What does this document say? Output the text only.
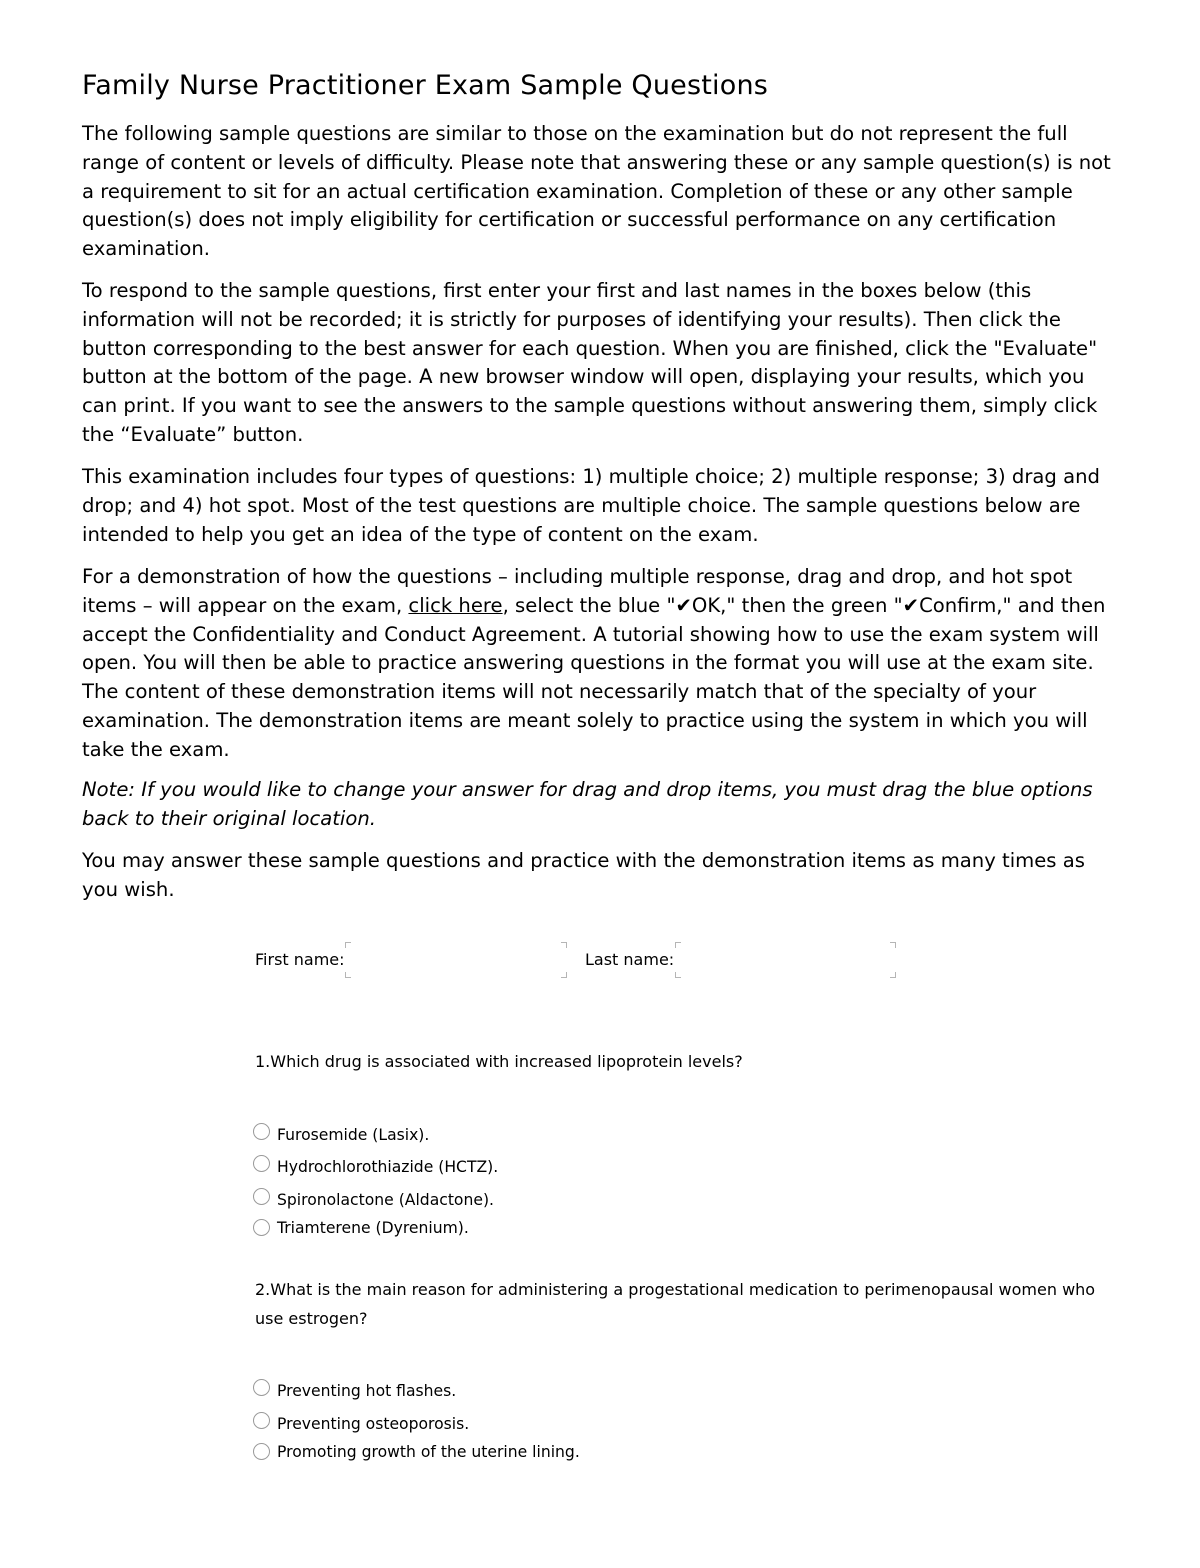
Family Nurse Practitioner Exam Sample Questions

The following sample questions are similar to those on the examination but do not represent the full range of content or levels of difficulty. Please note that answering these or any sample question(s) is not a requirement to sit for an actual certification examination. Completion of these or any other sample question(s) does not imply eligibility for certification or successful performance on any certification examination.

To respond to the sample questions, first enter your first and last names in the boxes below (this information will not be recorded; it is strictly for purposes of identifying your results). Then click the button corresponding to the best answer for each question. When you are finished, click the "Evaluate" button at the bottom of the page. A new browser window will open, displaying your results, which you can print. If you want to see the answers to the sample questions without answering them, simply click the “Evaluate” button.

This examination includes four types of questions: 1) multiple choice; 2) multiple response; 3) drag and drop; and 4) hot spot. Most of the test questions are multiple choice. The sample questions below are intended to help you get an idea of the type of content on the exam.

For a demonstration of how the questions – including multiple response, drag and drop, and hot spot items – will appear on the exam, click here, select the blue "✔OK," then the green "✔Confirm," and then accept the Confidentiality and Conduct Agreement. A tutorial showing how to use the exam system will open. You will then be able to practice answering questions in the format you will use at the exam site. The content of these demonstration items will not necessarily match that of the specialty of your examination. The demonstration items are meant solely to practice using the system in which you will take the exam.

Note: If you would like to change your answer for drag and drop items, you must drag the blue options back to their original location.

You may answer these sample questions and practice with the demonstration items as many times as you wish.

First name:	Last name:

1.Which drug is associated with increased lipoprotein levels?

Furosemide (Lasix).
Hydrochlorothiazide (HCTZ).
Spironolactone (Aldactone).
Triamterene (Dyrenium).

2.What is the main reason for administering a progestational medication to perimenopausal women who use estrogen?

Preventing hot flashes.
Preventing osteoporosis.
Promoting growth of the uterine lining.
